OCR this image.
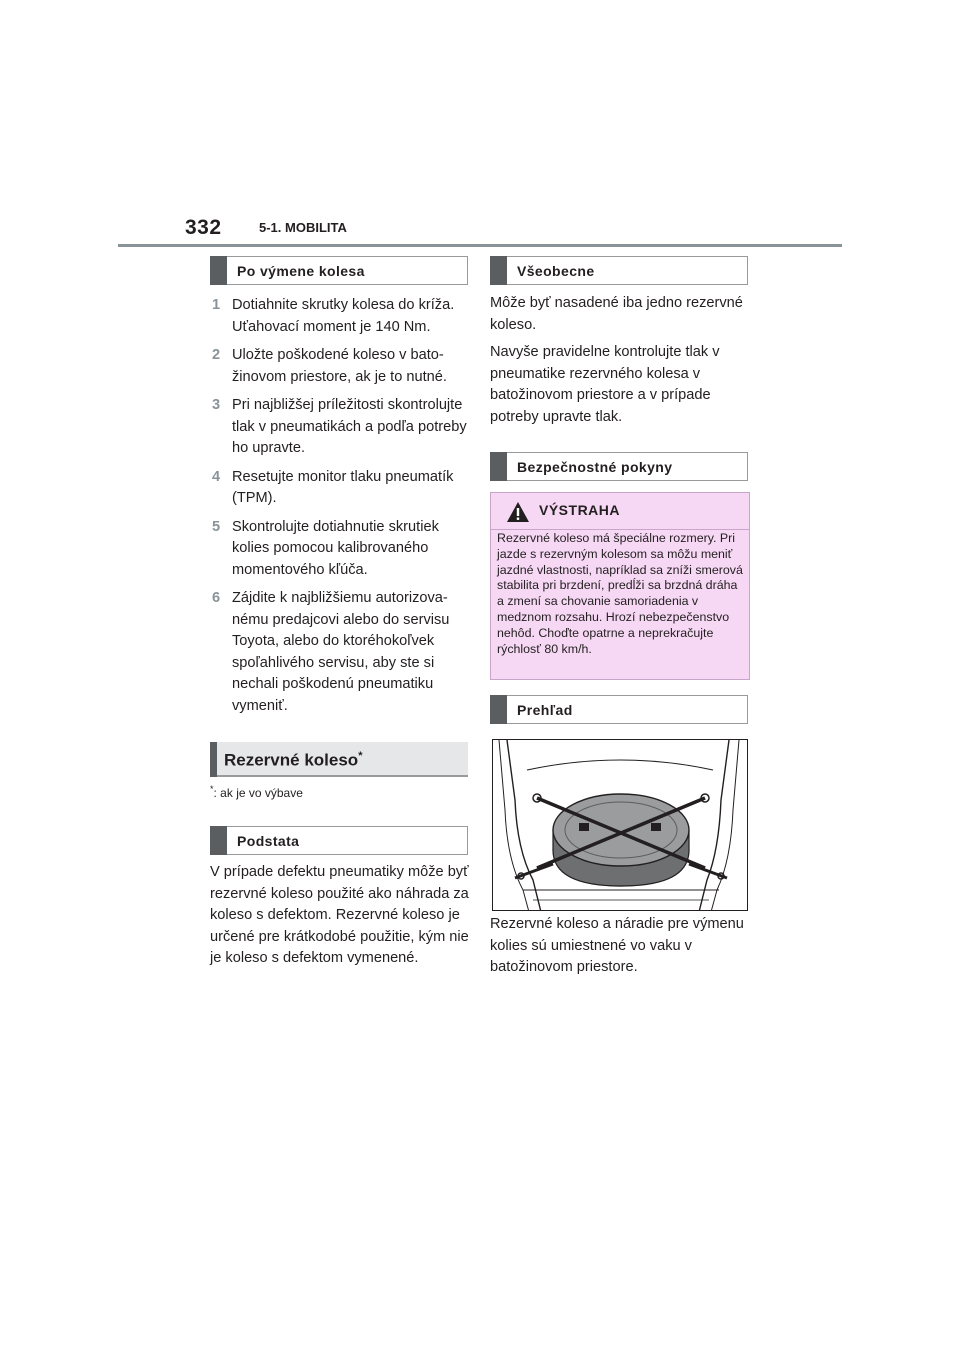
332	5-1. MOBILITA
Po výmene kolesa
1 Dotiahnite skrutky kolesa do kríža. Uťahovací moment je 140 Nm.
2 Uložte poškodené koleso v batožinovom priestore, ak je to nutné.
3 Pri najbližšej príležitosti skontrolujte tlak v pneumatikách a podľa potreby ho upravte.
4 Resetujte monitor tlaku pneumatík (TPM).
5 Skontrolujte dotiahnutie skrutiek kolies pomocou kalibrovaného momentového kľúča.
6 Zájdite k najbližšiemu autorizovanému predajcovi alebo do servisu Toyota, alebo do ktoréhokoľvek spoľahlivého servisu, aby ste si nechali poškodenú pneumatiku vymeniť.
Rezervné koleso*
*: ak je vo výbave
Podstata

V prípade defektu pneumatiky môže byť rezervné koleso použité ako náhrada za koleso s defektom. Rezervné koleso je určené pre krátkodobé použitie, kým nie je koleso s defektom vymenené.

Všeobecne

Môže byť nasadené iba jedno rezervné koleso.

Navyše pravidelne kontrolujte tlak v pneumatike rezervného kolesa v batožinovom priestore a v prípade potreby upravte tlak.

Bezpečnostné pokyny
VÝSTRAHA
Rezervné koleso má špeciálne rozmery. Pri jazde s rezervným kolesom sa môžu meniť jazdné vlastnosti, napríklad sa zníži smerová stabilita pri brzdení, predĺži sa brzdná dráha a zmení sa chovanie samoriadenia v medznom rozsahu. Hrozí nebezpečenstvo nehôd. Choďte opatrne a neprekračujte rýchlosť 80 km/h.
Prehľad

Rezervné koleso a náradie pre výmenu kolies sú umiestnené vo vaku v batožinovom priestore.
